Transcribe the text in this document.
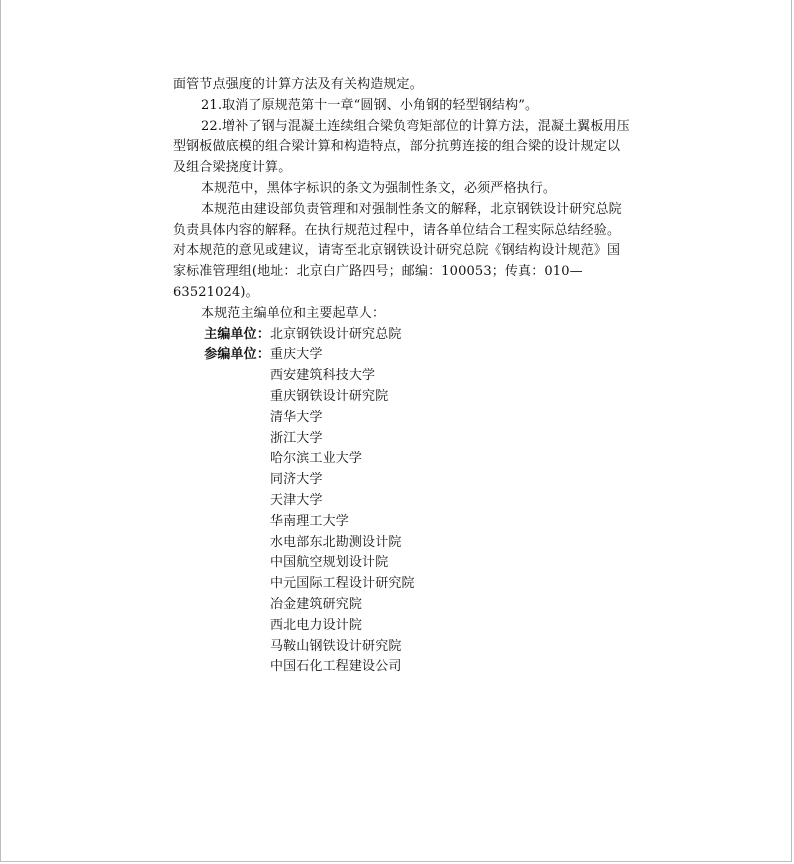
面管节点强度的计算方法及有关构造规定。

21.取消了原规范第十一章“圆钢、小角钢的轻型钢结构”。

22.增补了钢与混凝土连续组合梁负弯矩部位的计算方法，混凝土翼板用压型钢板做底模的组合梁计算和构造特点，部分抗剪连接的组合梁的设计规定以及组合梁挠度计算。

本规范中，黑体字标识的条文为强制性条文，必须严格执行。

本规范由建设部负责管理和对强制性条文的解释，北京钢铁设计研究总院负责具体内容的解释。在执行规范过程中，请各单位结合工程实际总结经验。对本规范的意见或建议，请寄至北京钢铁设计研究总院《钢结构设计规范》国家标准管理组(地址：北京白广路四号；邮编：100053；传真：010—63521024)。

本规范主编单位和主要起草人：

主编单位： 北京钢铁设计研究总院
参编单位： 重庆大学
西安建筑科技大学
重庆钢铁设计研究院
清华大学
浙江大学
哈尔滨工业大学
同济大学
天津大学
华南理工大学
水电部东北勘测设计院
中国航空规划设计院
中元国际工程设计研究院
冶金建筑研究院
西北电力设计院
马鞍山钢铁设计研究院
中国石化工程建设公司
